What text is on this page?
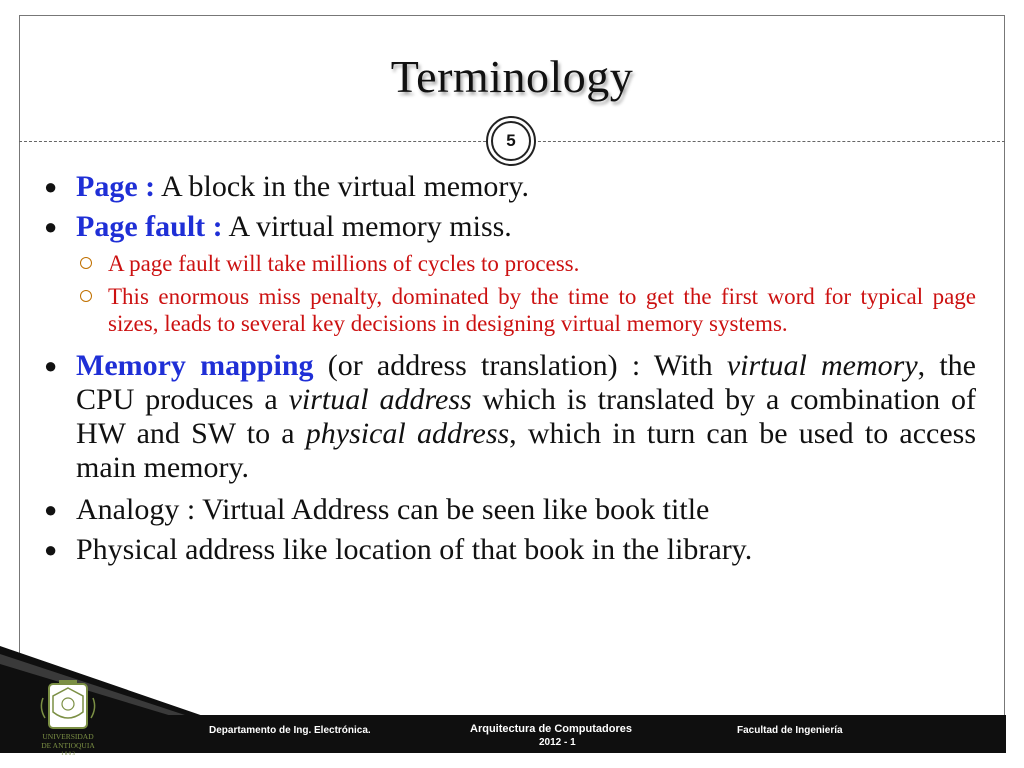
Terminology
5
● Page : A block in the virtual memory.
● Page fault : A virtual memory miss.
A page fault will take millions of cycles to process.
This enormous miss penalty, dominated by the time to get the first word for typical page sizes, leads to several key decisions in designing virtual memory systems.
● Memory mapping (or address translation) : With virtual memory, the CPU produces a virtual address which is translated by a combination of HW and SW to a physical address, which in turn can be used to access main memory.
● Analogy : Virtual Address can be seen like book title
● Physical address like location of that book in the library.
Departamento de Ing. Electrónica.	Arquitectura de Computadores
2012 - 1
Facultad de Ingeniería
UNIVERSIDAD
DE ANTIOQUIA
1 8 0 3
